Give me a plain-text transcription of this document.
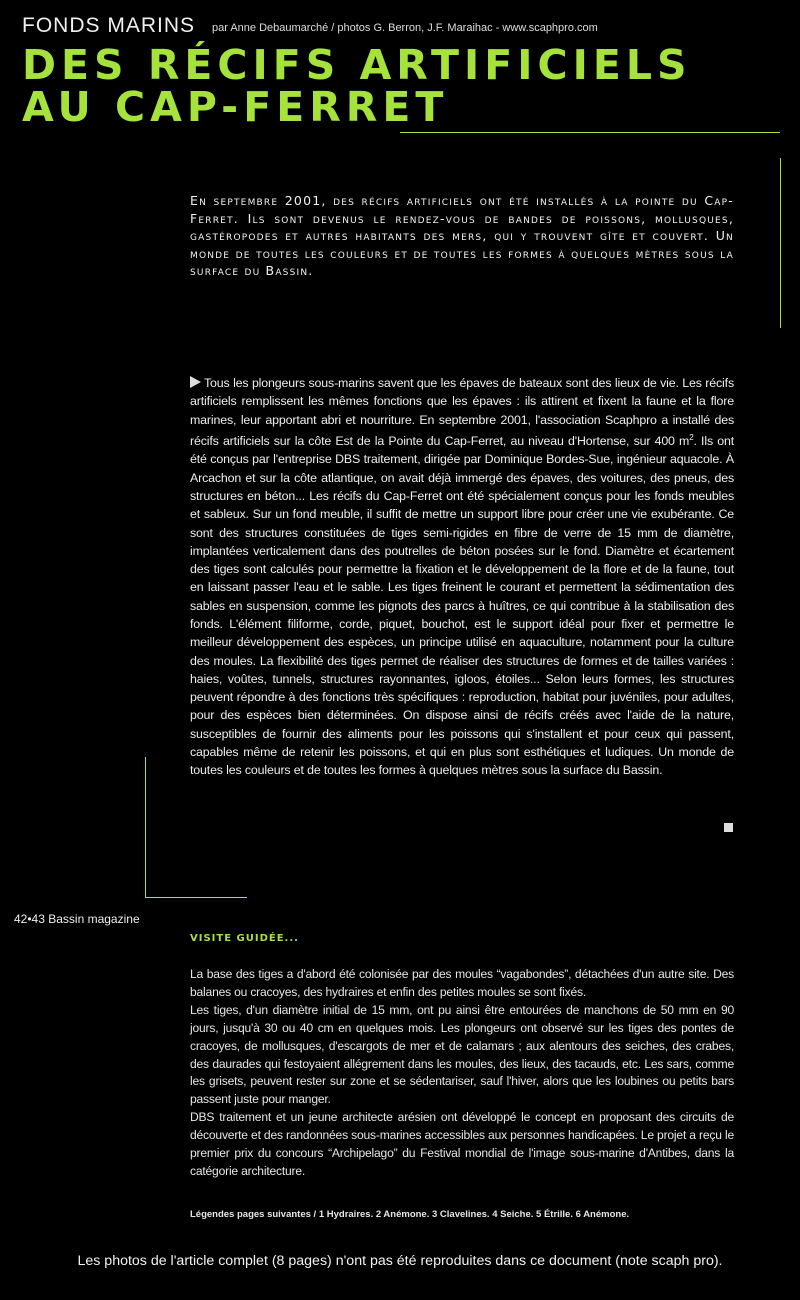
FONDS MARINS par Anne Debaumarché / photos G. Berron, J.F. Maraihac - www.scaphpro.com
DES RÉCIFS ARTIFICIELS
AU CAP-FERRET
En septembre 2001, des récifs artificiels ont été installés à la pointe du Cap-Ferret. Ils sont devenus le rendez-vous de bandes de poissons, mollusques, gastéropodes et autres habitants des mers, qui y trouvent gîte et couvert. Un monde de toutes les couleurs et de toutes les formes à quelques mètres sous la surface du Bassin.
Tous les plongeurs sous-marins savent que les épaves de bateaux sont des lieux de vie. Les récifs artificiels remplissent les mêmes fonctions que les épaves : ils attirent et fixent la faune et la flore marines, leur apportant abri et nourriture. En septembre 2001, l'association Scaphpro a installé des récifs artificiels sur la côte Est de la Pointe du Cap-Ferret, au niveau d'Hortense, sur 400 $m^2$. Ils ont été conçus par l'entreprise DBS traitement, dirigée par Dominique Bordes-Sue, ingénieur aquacole. À Arcachon et sur la côte atlantique, on avait déjà immergé des épaves, des voitures, des pneus, des structures en béton... Les récifs du Cap-Ferret ont été spécialement conçus pour les fonds meubles et sableux. Sur un fond meuble, il suffit de mettre un support libre pour créer une vie exubérante. Ce sont des structures constituées de tiges semi-rigides en fibre de verre de 15 mm de diamètre, implantées verticalement dans des poutrelles de béton posées sur le fond. Diamètre et écartement des tiges sont calculés pour permettre la fixation et le développement de la flore et de la faune, tout en laissant passer l'eau et le sable. Les tiges freinent le courant et permettent la sédimentation des sables en suspension, comme les pignots des parcs à huîtres, ce qui contribue à la stabilisation des fonds. L'élément filiforme, corde, piquet, bouchot, est le support idéal pour fixer et permettre le meilleur développement des espèces, un principe utilisé en aquaculture, notamment pour la culture des moules. La flexibilité des tiges permet de réaliser des structures de formes et de tailles variées : haies, voûtes, tunnels, structures rayonnantes, igloos, étoiles... Selon leurs formes, les structures peuvent répondre à des fonctions très spécifiques : reproduction, habitat pour juvéniles, pour adultes, pour des espèces bien déterminées. On dispose ainsi de récifs créés avec l'aide de la nature, susceptibles de fournir des aliments pour les poissons qui s'installent et pour ceux qui passent, capables même de retenir les poissons, et qui en plus sont esthétiques et ludiques. Un monde de toutes les couleurs et de toutes les formes à quelques mètres sous la surface du Bassin.
42•43 Bassin magazine
VISITE GUIDÉE...

La base des tiges a d'abord été colonisée par des moules “vagabondes”, détachées d'un autre site. Des balanes ou cracoyes, des hydraires et enfin des petites moules se sont fixés.

Les tiges, d'un diamètre initial de 15 mm, ont pu ainsi être entourées de manchons de 50 mm en 90 jours, jusqu'à 30 ou 40 cm en quelques mois. Les plongeurs ont observé sur les tiges des pontes de cracoyes, de mollusques, d'escargots de mer et de calamars ; aux alentours des seiches, des crabes, des daurades qui festoyaient allégrement dans les moules, des lieux, des tacauds, etc. Les sars, comme les grisets, peuvent rester sur zone et se sédentariser, sauf l'hiver, alors que les loubines ou petits bars passent juste pour manger.

DBS traitement et un jeune architecte arésien ont développé le concept en proposant des circuits de découverte et des randonnées sous-marines accessibles aux personnes handicapées. Le projet a reçu le premier prix du concours “Archipelago” du Festival mondial de l'image sous-marine d'Antibes, dans la catégorie architecture.

Légendes pages suivantes / 1 Hydraires. 2 Anémone. 3 Clavelines. 4 Seiche. 5 Étrille. 6 Anémone.
Les photos de l'article complet (8 pages) n'ont pas été reproduites dans ce document (note scaph pro).
